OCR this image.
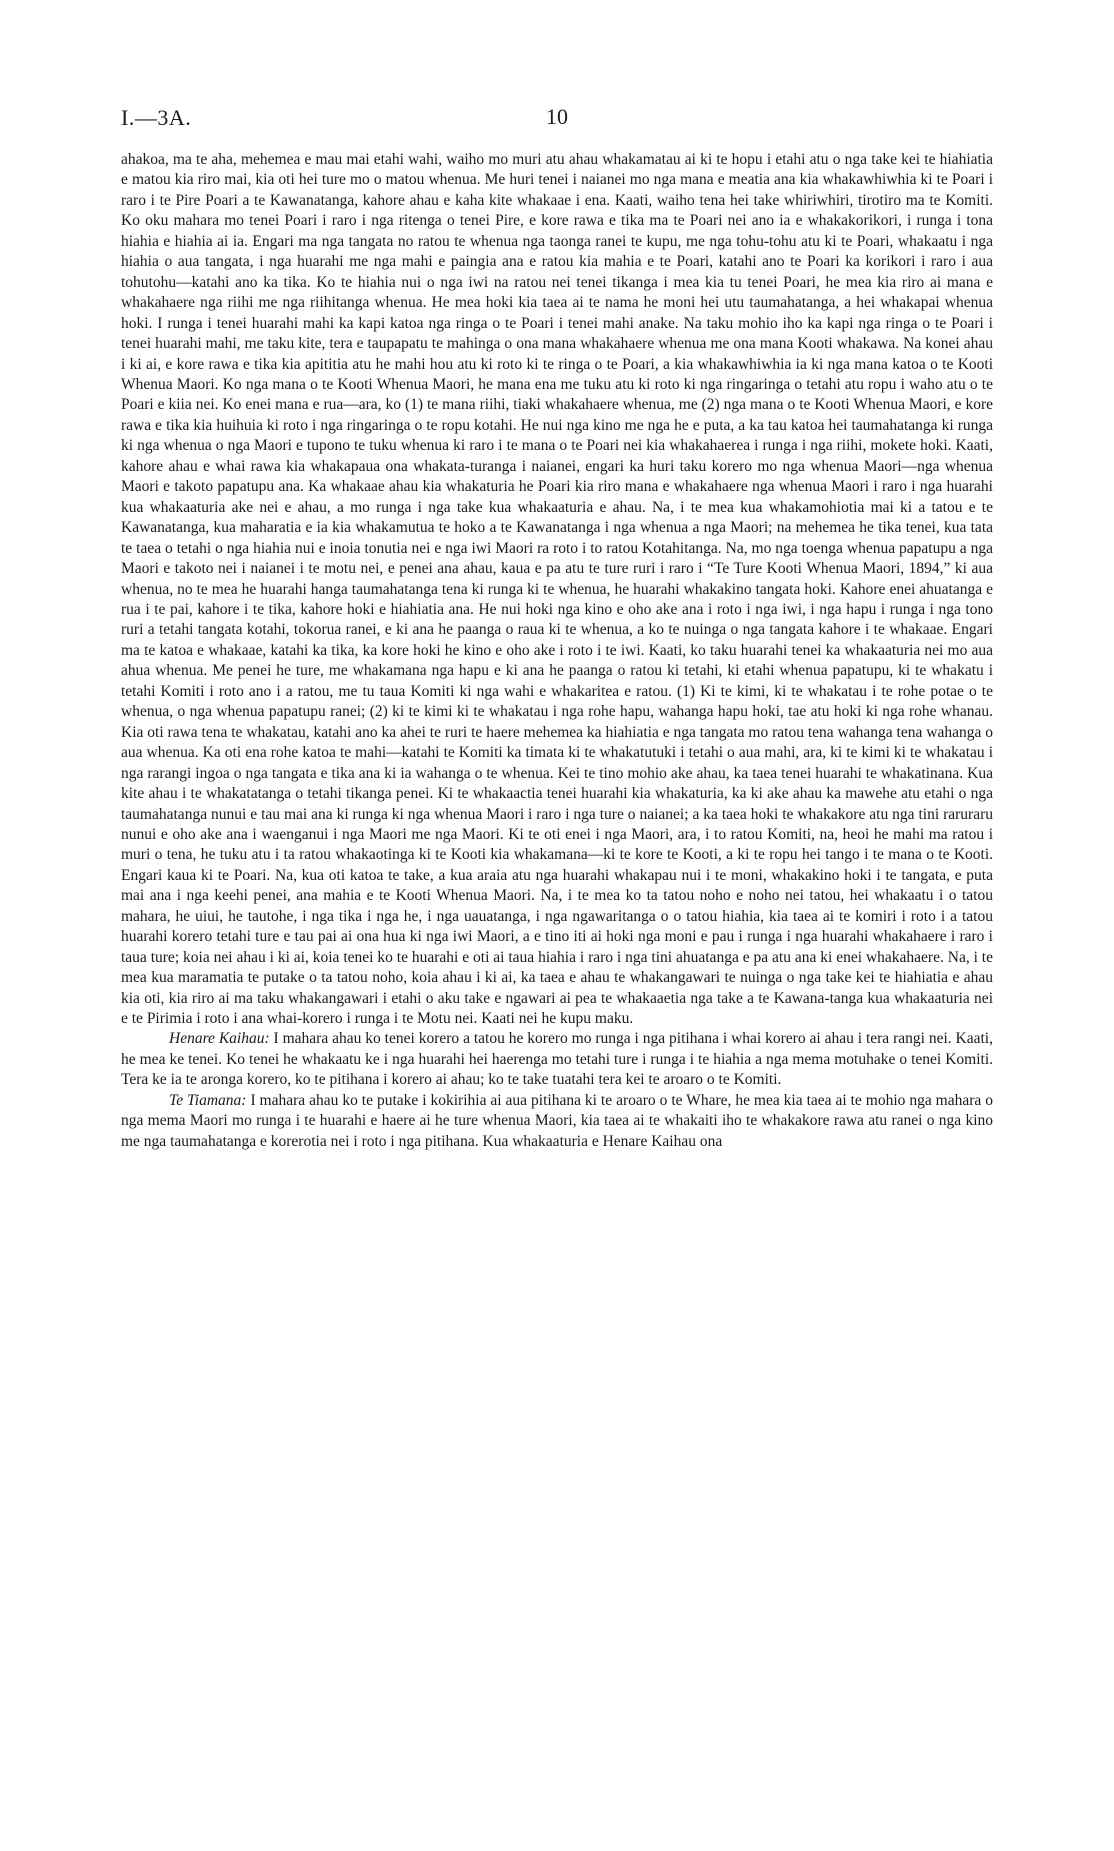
I.—3A.	10

ahakoa, ma te aha, mehemea e mau mai etahi wahi, waiho mo muri atu ahau whakamatau ai ki te hopu i etahi atu o nga take kei te hiahiatia e matou kia riro mai, kia oti hei ture mo o matou whenua. Me huri tenei i naianei mo nga mana e meatia ana kia whakawhiwhia ki te Poari i raro i te Pire Poari a te Kawanatanga, kahore ahau e kaha kite whakaae i ena. Kaati, waiho tena hei take whiriwhiri, tirotiro ma te Komiti. Ko oku mahara mo tenei Poari i raro i nga ritenga o tenei Pire, e kore rawa e tika ma te Poari nei ano ia e whakakorikori, i runga i tona hiahia e hiahia ai ia. Engari ma nga tangata no ratou te whenua nga taonga ranei te kupu, me nga tohu-tohu atu ki te Poari, whakaatu i nga hiahia o aua tangata, i nga huarahi me nga mahi e paingia ana e ratou kia mahia e te Poari, katahi ano te Poari ka korikori i raro i aua tohutohu—katahi ano ka tika. Ko te hiahia nui o nga iwi na ratou nei tenei tikanga i mea kia tu tenei Poari, he mea kia riro ai mana e whakahaere nga riihi me nga riihitanga whenua. He mea hoki kia taea ai te nama he moni hei utu taumahatanga, a hei whakapai whenua hoki. I runga i tenei huarahi mahi ka kapi katoa nga ringa o te Poari i tenei mahi anake. Na taku mohio iho ka kapi nga ringa o te Poari i tenei huarahi mahi, me taku kite, tera e taupapatu te mahinga o ona mana whakahaere whenua me ona mana Kooti whakawa. Na konei ahau i ki ai, e kore rawa e tika kia apititia atu he mahi hou atu ki roto ki te ringa o te Poari, a kia whakawhiwhia ia ki nga mana katoa o te Kooti Whenua Maori. Ko nga mana o te Kooti Whenua Maori, he mana ena me tuku atu ki roto ki nga ringaringa o tetahi atu ropu i waho atu o te Poari e kiia nei. Ko enei mana e rua—ara, ko (1) te mana riihi, tiaki whakahaere whenua, me (2) nga mana o te Kooti Whenua Maori, e kore rawa e tika kia huihuia ki roto i nga ringaringa o te ropu kotahi. He nui nga kino me nga he e puta, a ka tau katoa hei taumahatanga ki runga ki nga whenua o nga Maori e tupono te tuku whenua ki raro i te mana o te Poari nei kia whakahaerea i runga i nga riihi, mokete hoki. Kaati, kahore ahau e whai rawa kia whakapaua ona whakata-turanga i naianei, engari ka huri taku korero mo nga whenua Maori—nga whenua Maori e takoto papatupu ana. Ka whakaae ahau kia whakaturia he Poari kia riro mana e whakahaere nga whenua Maori i raro i nga huarahi kua whakaaturia ake nei e ahau, a mo runga i nga take kua whakaaturia e ahau. Na, i te mea kua whakamohiotia mai ki a tatou e te Kawanatanga, kua maharatia e ia kia whakamutua te hoko a te Kawanatanga i nga whenua a nga Maori; na mehemea he tika tenei, kua tata te taea o tetahi o nga hiahia nui e inoia tonutia nei e nga iwi Maori ra roto i to ratou Kotahitanga. Na, mo nga toenga whenua papatupu a nga Maori e takoto nei i naianei i te motu nei, e penei ana ahau, kaua e pa atu te ture ruri i raro i “Te Ture Kooti Whenua Maori, 1894,” ki aua whenua, no te mea he huarahi hanga taumahatanga tena ki runga ki te whenua, he huarahi whakakino tangata hoki. Kahore enei ahuatanga e rua i te pai, kahore i te tika, kahore hoki e hiahiatia ana. He nui hoki nga kino e oho ake ana i roto i nga iwi, i nga hapu i runga i nga tono ruri a tetahi tangata kotahi, tokorua ranei, e ki ana he paanga o raua ki te whenua, a ko te nuinga o nga tangata kahore i te whakaae. Engari ma te katoa e whakaae, katahi ka tika, ka kore hoki he kino e oho ake i roto i te iwi. Kaati, ko taku huarahi tenei ka whakaaturia nei mo aua ahua whenua. Me penei he ture, me whakamana nga hapu e ki ana he paanga o ratou ki tetahi, ki etahi whenua papatupu, ki te whakatu i tetahi Komiti i roto ano i a ratou, me tu taua Komiti ki nga wahi e whakaritea e ratou. (1) Ki te kimi, ki te whakatau i te rohe potae o te whenua, o nga whenua papatupu ranei; (2) ki te kimi ki te whakatau i nga rohe hapu, wahanga hapu hoki, tae atu hoki ki nga rohe whanau. Kia oti rawa tena te whakatau, katahi ano ka ahei te ruri te haere mehemea ka hiahiatia e nga tangata mo ratou tena wahanga tena wahanga o aua whenua. Ka oti ena rohe katoa te mahi—katahi te Komiti ka timata ki te whakatutuki i tetahi o aua mahi, ara, ki te kimi ki te whakatau i nga rarangi ingoa o nga tangata e tika ana ki ia wahanga o te whenua. Kei te tino mohio ake ahau, ka taea tenei huarahi te whakatinana. Kua kite ahau i te whakatatanga o tetahi tikanga penei. Ki te whakaactia tenei huarahi kia whakaturia, ka ki ake ahau ka mawehe atu etahi o nga taumahatanga nunui e tau mai ana ki runga ki nga whenua Maori i raro i nga ture o naianei; a ka taea hoki te whakakore atu nga tini raruraru nunui e oho ake ana i waenganui i nga Maori me nga Maori. Ki te oti enei i nga Maori, ara, i to ratou Komiti, na, heoi he mahi ma ratou i muri o tena, he tuku atu i ta ratou whakaotinga ki te Kooti kia whakamana—ki te kore te Kooti, a ki te ropu hei tango i te mana o te Kooti. Engari kaua ki te Poari. Na, kua oti katoa te take, a kua araia atu nga huarahi whakapau nui i te moni, whakakino hoki i te tangata, e puta mai ana i nga keehi penei, ana mahia e te Kooti Whenua Maori. Na, i te mea ko ta tatou noho e noho nei tatou, hei whakaatu i o tatou mahara, he uiui, he tautohe, i nga tika i nga he, i nga uauatanga, i nga ngawaritanga o o tatou hiahia, kia taea ai te komiri i roto i a tatou huarahi korero tetahi ture e tau pai ai ona hua ki nga iwi Maori, a e tino iti ai hoki nga moni e pau i runga i nga huarahi whakahaere i raro i taua ture; koia nei ahau i ki ai, koia tenei ko te huarahi e oti ai taua hiahia i raro i nga tini ahuatanga e pa atu ana ki enei whakahaere. Na, i te mea kua maramatia te putake o ta tatou noho, koia ahau i ki ai, ka taea e ahau te whakangawari te nuinga o nga take kei te hiahiatia e ahau kia oti, kia riro ai ma taku whakangawari i etahi o aku take e ngawari ai pea te whakaaetia nga take a te Kawana-tanga kua whakaaturia nei e te Pirimia i roto i ana whai-korero i runga i te Motu nei. Kaati nei he kupu maku.

Henare Kaihau: I mahara ahau ko tenei korero a tatou he korero mo runga i nga pitihana i whai korero ai ahau i tera rangi nei. Kaati, he mea ke tenei. Ko tenei he whakaatu ke i nga huarahi hei haerenga mo tetahi ture i runga i te hiahia a nga mema motuhake o tenei Komiti. Tera ke ia te aronga korero, ko te pitihana i korero ai ahau; ko te take tuatahi tera kei te aroaro o te Komiti.

Te Tiamana: I mahara ahau ko te putake i kokirihia ai aua pitihana ki te aroaro o te Whare, he mea kia taea ai te mohio nga mahara o nga mema Maori mo runga i te huarahi e haere ai he ture whenua Maori, kia taea ai te whakaiti iho te whakakore rawa atu ranei o nga kino me nga taumahatanga e korerotia nei i roto i nga pitihana. Kua whakaaturia e Henare Kaihau ona
